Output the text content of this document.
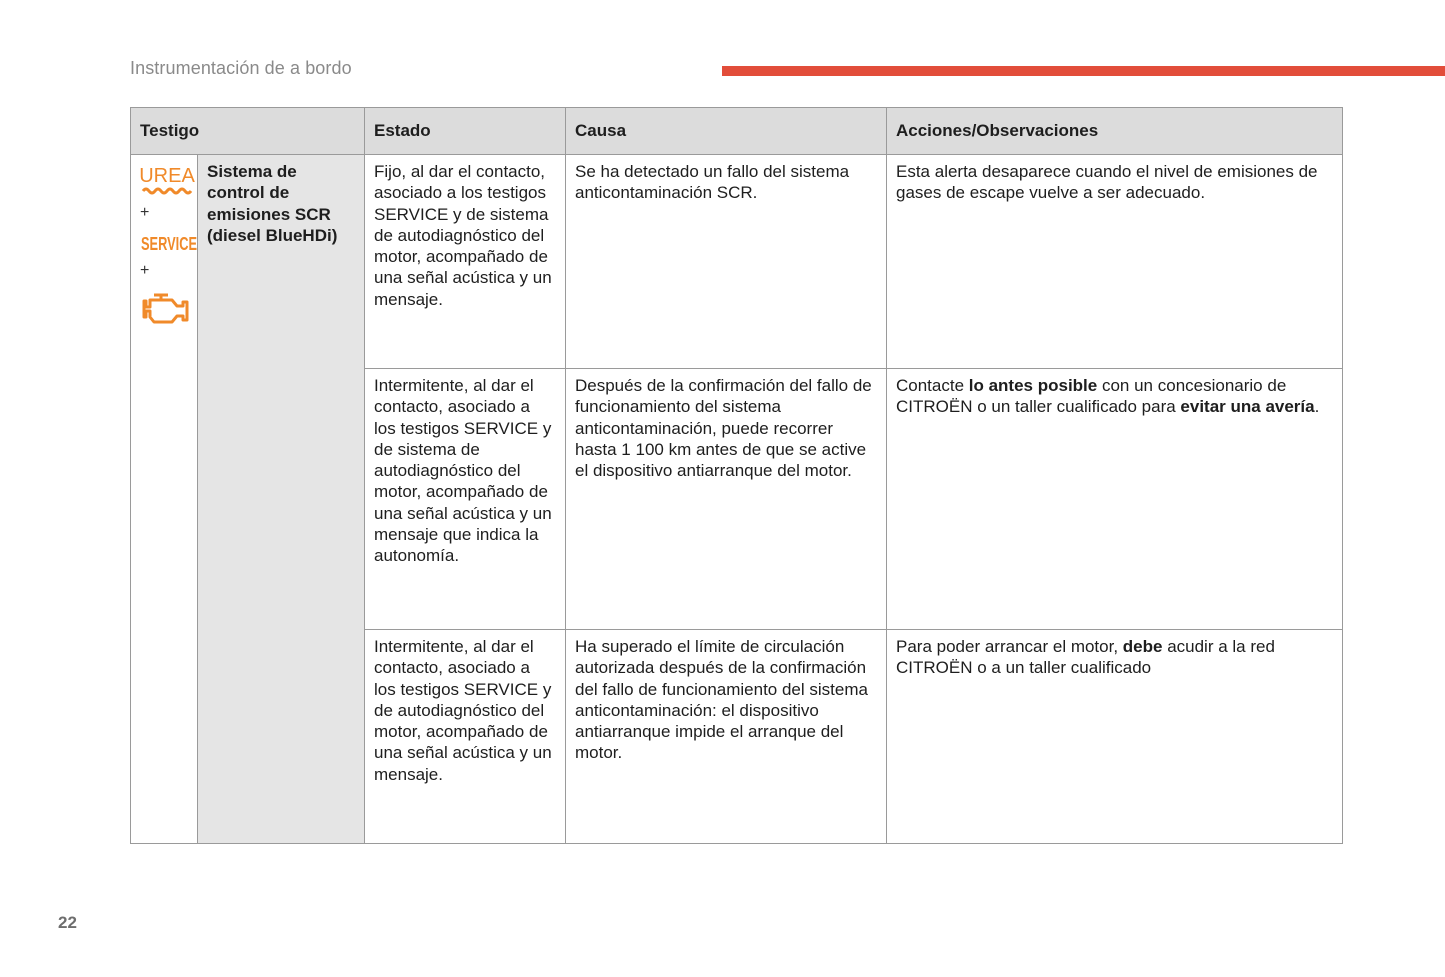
Instrumentación de a bordo
Testigo		Estado	Causa	Acciones/Observaciones

UREA
+
SERVICE
+	Sistema de control de emisiones SCR (diesel BlueHDi)	Fijo, al dar el contacto, asociado a los testigos SERVICE y de sistema de autodiagnóstico del motor, acompañado de una señal acústica y un mensaje.	Se ha detectado un fallo del sistema anticontaminación SCR.	Esta alerta desaparece cuando el nivel de emisiones de gases de escape vuelve a ser adecuado.
		Intermitente, al dar el contacto, asociado a los testigos SERVICE y de sistema de autodiagnóstico del motor, acompañado de una señal acústica y un mensaje que indica la autonomía.	Después de la confirmación del fallo de funcionamiento del sistema anticontaminación, puede recorrer hasta 1 100 km antes de que se active el dispositivo antiarranque del motor.	Contacte lo antes posible con un concesionario de CITROËN o un taller cualificado para evitar una avería.
		Intermitente, al dar el contacto, asociado a los testigos SERVICE y de autodiagnóstico del motor, acompañado de una señal acústica y un mensaje.	Ha superado el límite de circulación autorizada después de la confirmación del fallo de funcionamiento del sistema anticontaminación: el dispositivo antiarranque impide el arranque del motor.	Para poder arrancar el motor, debe acudir a la red CITROËN o a un taller cualificado
22
